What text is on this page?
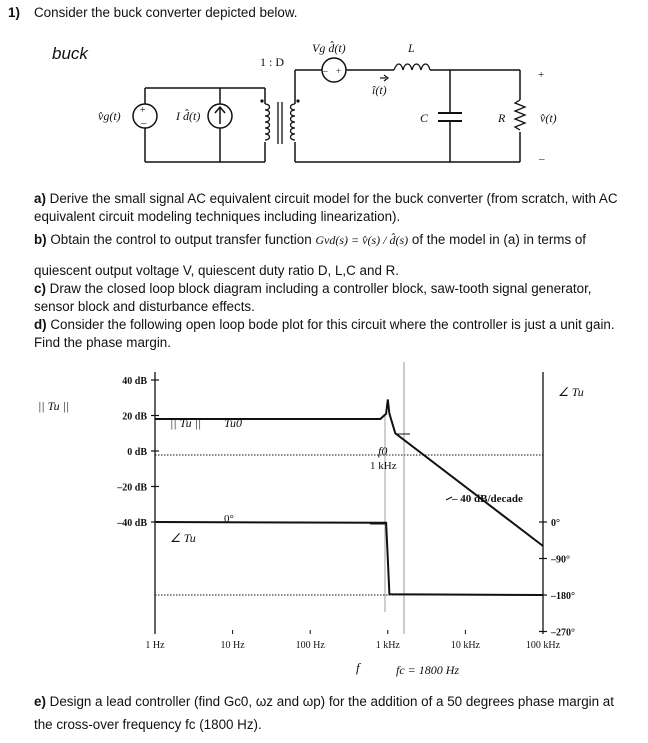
1) Consider the buck converter depicted below.
buck
+
–
v̂g(t)	I d̂(t)
1 : D
– +
Vg d̂(t)	L
î(t)
C	R
+
v̂(t)
–
a) Derive the small signal AC equivalent circuit model for the buck converter (from scratch, with AC equivalent circuit modeling techniques including linearization).
b) Obtain the control to output transfer function Gvd(s) = v̂(s) / d̂(s) of the model in (a) in terms of
quiescent output voltage V, quiescent duty ratio D, L,C and R.
c) Draw the closed loop block diagram including a controller block, saw-tooth signal generator, sensor block and disturbance effects.
d) Consider the following open loop bode plot for this circuit where the controller is just a unit gain. Find the phase margin.
40 dB
20 dB
0 dB
–20 dB
–40 dB	0°
–90°
–180°
–270°
1 Hz	10 Hz	100 Hz	1 kHz	10 kHz	100 kHz
|| Tu ||
∠ Tu
|| Tu || Tu0
f0
1 kHz
– 40 dB/decade
0°
∠ Tu
f	fc = 1800 Hz
e) Design a lead controller (find Gc0, ωz and ωp) for the addition of a 50 degrees phase margin at
the cross-over frequency fc (1800 Hz).
